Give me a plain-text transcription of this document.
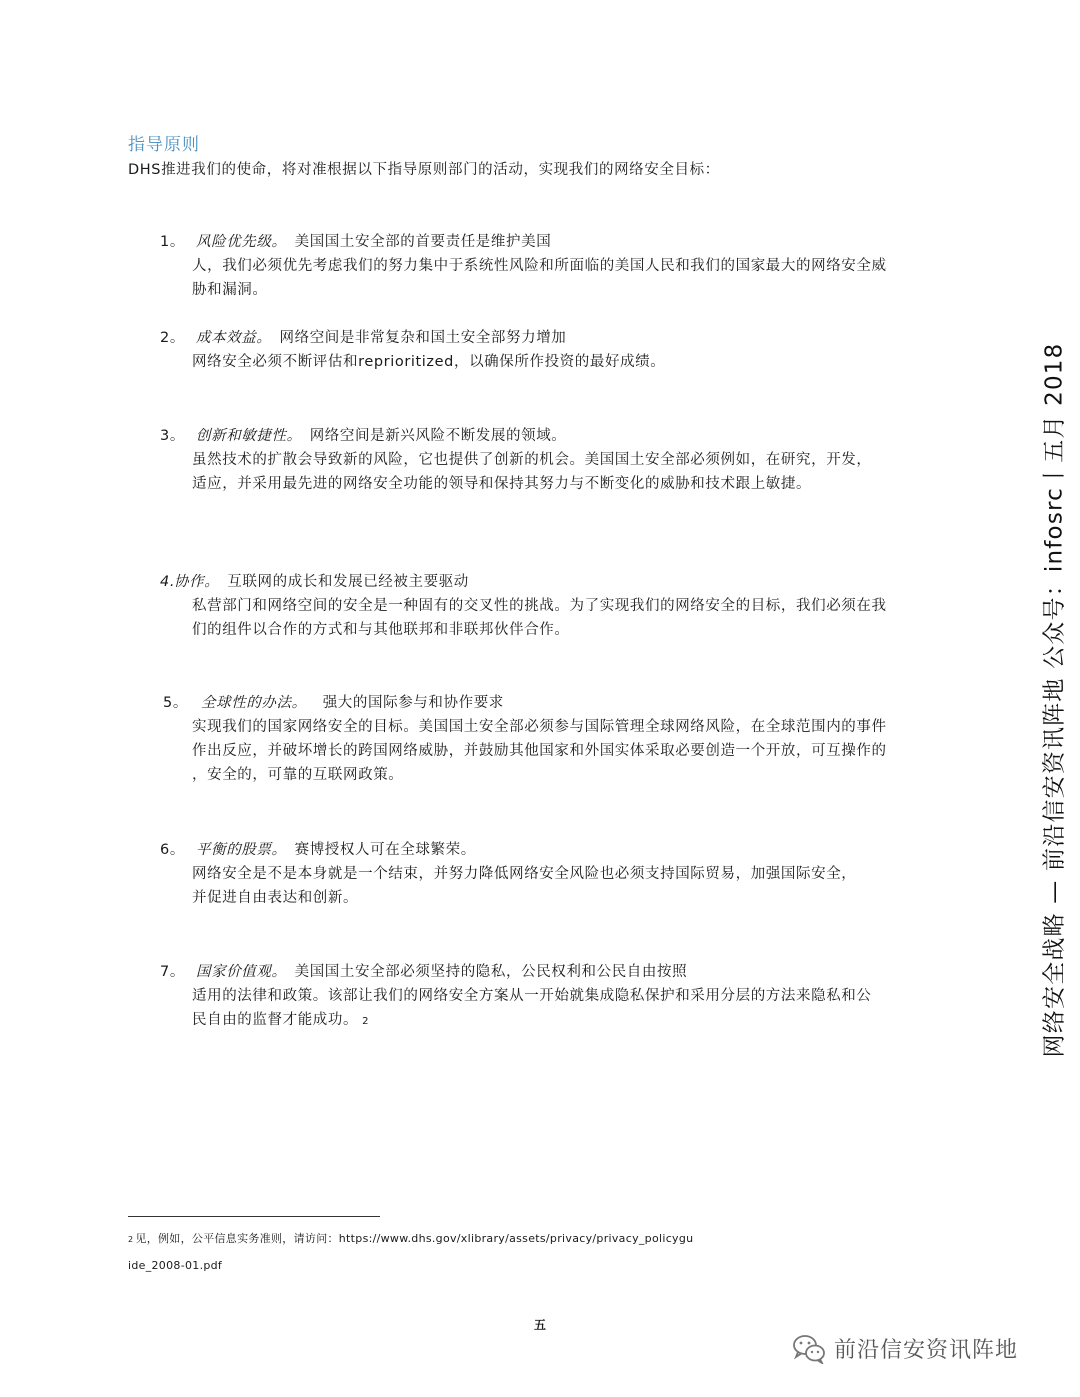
指导原则
DHS推进我们的使命，将对准根据以下指导原则部门的活动，实现我们的网络安全目标：
1。 风险优先级。 美国国土安全部的首要责任是维护美国
人，我们必须优先考虑我们的努力集中于系统性风险和所面临的美国人民和我们的国家最大的网络安全威
胁和漏洞。
2。 成本效益。 网络空间是非常复杂和国土安全部努力增加
网络安全必须不断评估和reprioritized，以确保所作投资的最好成绩。
3。 创新和敏捷性。 网络空间是新兴风险不断发展的领域。
虽然技术的扩散会导致新的风险，它也提供了创新的机会。美国国土安全部必须例如，在研究，开发，
适应，并采用最先进的网络安全功能的领导和保持其努力与不断变化的威胁和技术跟上敏捷。
4.协作。 互联网的成长和发展已经被主要驱动
私营部门和网络空间的安全是一种固有的交叉性的挑战。为了实现我们的网络安全的目标，我们必须在我
们的组件以合作的方式和与其他联邦和非联邦伙伴合作。
5。 全球性的办法。 强大的国际参与和协作要求
实现我们的国家网络安全的目标。美国国土安全部必须参与国际管理全球网络风险，在全球范围内的事件
作出反应，并破坏增长的跨国网络威胁，并鼓励其他国家和外国实体采取必要创造一个开放，可互操作的
，安全的，可靠的互联网政策。
6。 平衡的股票。 赛博授权人可在全球繁荣。
网络安全是不是本身就是一个结束，并努力降低网络安全风险也必须支持国际贸易，加强国际安全，
并促进自由表达和创新。
7。 国家价值观。 美国国土安全部必须坚持的隐私，公民权利和公民自由按照
适用的法律和政策。该部让我们的网络安全方案从一开始就集成隐私保护和采用分层的方法来隐私和公
民自由的监督才能成功。 2	网络安全战略 — 前沿信安资讯阵地 公众号：infosrc丨五月 2018
2 见，例如，公平信息实务准则，请访问：https://www.dhs.gov/xlibrary/assets/privacy/privacy_policygu
ide_2008-01.pdf
五
前沿信安资讯阵地
